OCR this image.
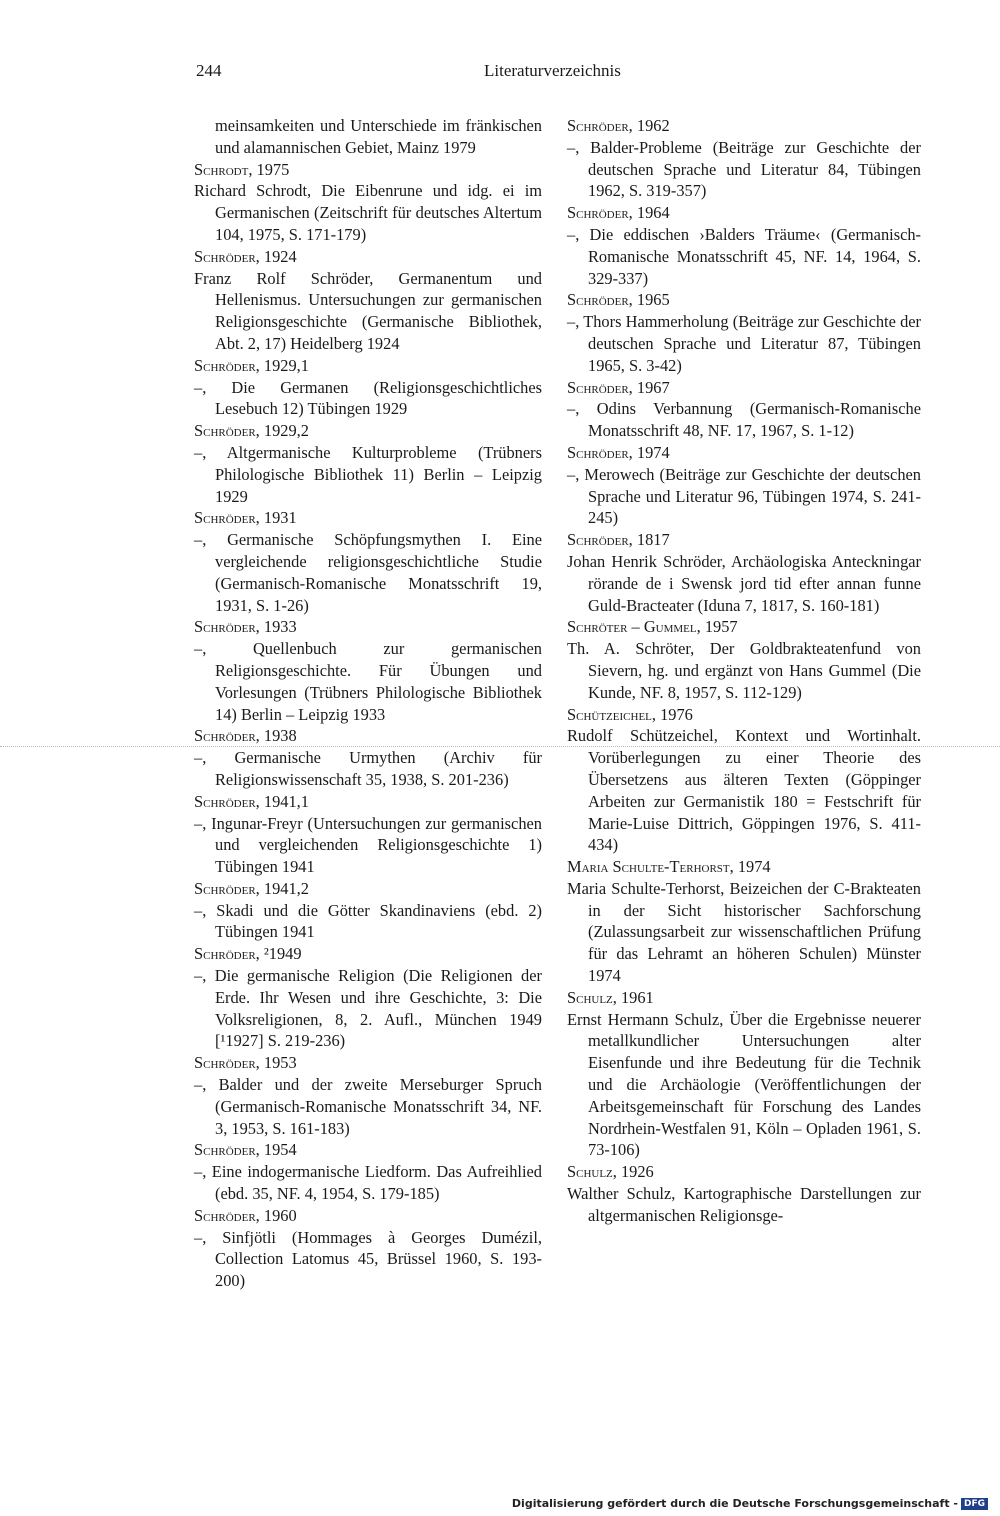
244	Literaturverzeichnis
meinsamkeiten und Unterschiede im fränkischen und alamannischen Gebiet, Mainz 1979
Schrodt, 1975
Richard Schrodt, Die Eibenrune und idg. ei im Germanischen (Zeitschrift für deutsches Altertum 104, 1975, S. 171-179)
Schröder, 1924
Franz Rolf Schröder, Germanentum und Hellenismus. Untersuchungen zur germanischen Religionsgeschichte (Germanische Bibliothek, Abt. 2, 17) Heidelberg 1924
Schröder, 1929,1
–, Die Germanen (Religionsgeschichtliches Lesebuch 12) Tübingen 1929
Schröder, 1929,2
–, Altgermanische Kulturprobleme (Trübners Philologische Bibliothek 11) Berlin – Leipzig 1929
Schröder, 1931
–, Germanische Schöpfungsmythen I. Eine vergleichende religionsgeschichtliche Studie (Germanisch-Romanische Monatsschrift 19, 1931, S. 1-26)
Schröder, 1933
–, Quellenbuch zur germanischen Religionsgeschichte. Für Übungen und Vorlesungen (Trübners Philologische Bibliothek 14) Berlin – Leipzig 1933
Schröder, 1938
–, Germanische Urmythen (Archiv für Religionswissenschaft 35, 1938, S. 201-236)
Schröder, 1941,1
–, Ingunar-Freyr (Untersuchungen zur germanischen und vergleichenden Religionsgeschichte 1) Tübingen 1941
Schröder, 1941,2
–, Skadi und die Götter Skandinaviens (ebd. 2) Tübingen 1941
Schröder, ²1949
–, Die germanische Religion (Die Religionen der Erde. Ihr Wesen und ihre Geschichte, 3: Die Volksreligionen, 8, 2. Aufl., München 1949 [¹1927] S. 219-236)
Schröder, 1953
–, Balder und der zweite Merseburger Spruch (Germanisch-Romanische Monatsschrift 34, NF. 3, 1953, S. 161-183)
Schröder, 1954
–, Eine indogermanische Liedform. Das Aufreihlied (ebd. 35, NF. 4, 1954, S. 179-185)
Schröder, 1960
–, Sinfjötli (Hommages à Georges Dumézil, Collection Latomus 45, Brüssel 1960, S. 193-200)
Schröder, 1962
–, Balder-Probleme (Beiträge zur Geschichte der deutschen Sprache und Literatur 84, Tübingen 1962, S. 319-357)
Schröder, 1964
–, Die eddischen ›Balders Träume‹ (Germanisch-Romanische Monatsschrift 45, NF. 14, 1964, S. 329-337)
Schröder, 1965
–, Thors Hammerholung (Beiträge zur Geschichte der deutschen Sprache und Literatur 87, Tübingen 1965, S. 3-42)
Schröder, 1967
–, Odins Verbannung (Germanisch-Romanische Monatsschrift 48, NF. 17, 1967, S. 1-12)
Schröder, 1974
–, Merowech (Beiträge zur Geschichte der deutschen Sprache und Literatur 96, Tübingen 1974, S. 241-245)
Schröder, 1817
Johan Henrik Schröder, Archäologiska Anteckningar rörande de i Swensk jord tid efter annan funne Guld-Bracteater (Iduna 7, 1817, S. 160-181)
Schröter – Gummel, 1957
Th. A. Schröter, Der Goldbrakteatenfund von Sievern, hg. und ergänzt von Hans Gummel (Die Kunde, NF. 8, 1957, S. 112-129)
Schützeichel, 1976
Rudolf Schützeichel, Kontext und Wortinhalt. Vorüberlegungen zu einer Theorie des Übersetzens aus älteren Texten (Göppinger Arbeiten zur Germanistik 180 = Festschrift für Marie-Luise Dittrich, Göppingen 1976, S. 411-434)
Maria Schulte-Terhorst, 1974
Maria Schulte-Terhorst, Beizeichen der C-Brakteaten in der Sicht historischer Sachforschung (Zulassungsarbeit zur wissenschaftlichen Prüfung für das Lehramt an höheren Schulen) Münster 1974
Schulz, 1961
Ernst Hermann Schulz, Über die Ergebnisse neuerer metallkundlicher Untersuchungen alter Eisenfunde und ihre Bedeutung für die Technik und die Archäologie (Veröffentlichungen der Arbeitsgemeinschaft für Forschung des Landes Nordrhein-Westfalen 91, Köln – Opladen 1961, S. 73-106)
Schulz, 1926
Walther Schulz, Kartographische Darstellungen zur altgermanischen Religionsge-
Digitalisierung gefördert durch die Deutsche Forschungsgemeinschaft - DFG
